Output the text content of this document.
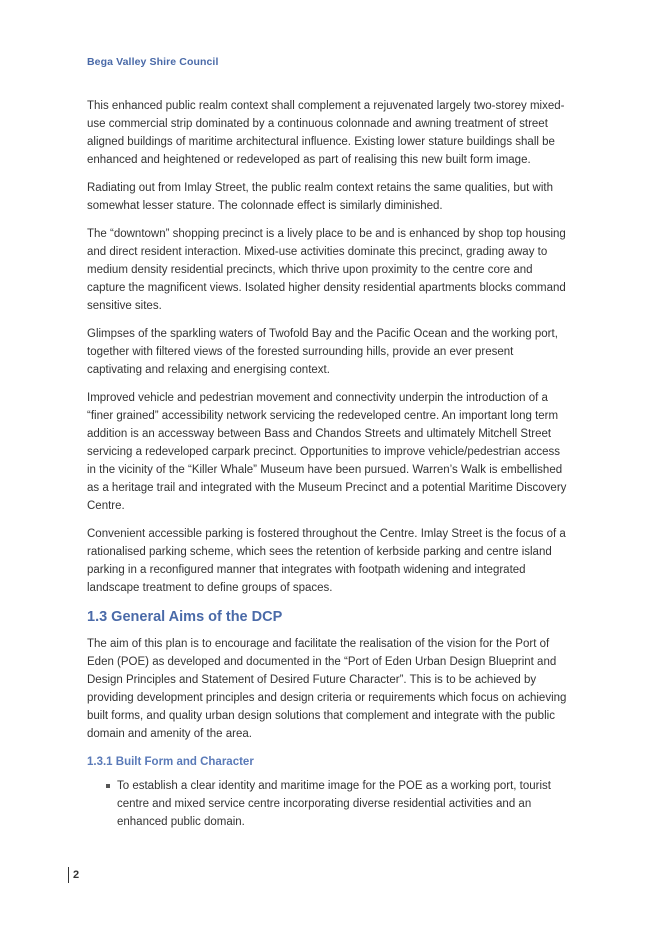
Bega Valley Shire Council

This enhanced public realm context shall complement a rejuvenated largely two-storey mixed-use commercial strip dominated by a continuous colonnade and awning treatment of street aligned buildings of maritime architectural influence. Existing lower stature buildings shall be enhanced and heightened or redeveloped as part of realising this new built form image.

Radiating out from Imlay Street, the public realm context retains the same qualities, but with somewhat lesser stature. The colonnade effect is similarly diminished.

The “downtown” shopping precinct is a lively place to be and is enhanced by shop top housing and direct resident interaction. Mixed-use activities dominate this precinct, grading away to medium density residential precincts, which thrive upon proximity to the centre core and capture the magnificent views. Isolated higher density residential apartments blocks command sensitive sites.

Glimpses of the sparkling waters of Twofold Bay and the Pacific Ocean and the working port, together with filtered views of the forested surrounding hills, provide an ever present captivating and relaxing and energising context.

Improved vehicle and pedestrian movement and connectivity underpin the introduction of a “finer grained” accessibility network servicing the redeveloped centre. An important long term addition is an accessway between Bass and Chandos Streets and ultimately Mitchell Street servicing a redeveloped carpark precinct. Opportunities to improve vehicle/pedestrian access in the vicinity of the “Killer Whale” Museum have been pursued. Warren’s Walk is embellished as a heritage trail and integrated with the Museum Precinct and a potential Maritime Discovery Centre.

Convenient accessible parking is fostered throughout the Centre. Imlay Street is the focus of a rationalised parking scheme, which sees the retention of kerbside parking and centre island parking in a reconfigured manner that integrates with footpath widening and integrated landscape treatment to define groups of spaces.

1.3 General Aims of the DCP

The aim of this plan is to encourage and facilitate the realisation of the vision for the Port of Eden (POE) as developed and documented in the “Port of Eden Urban Design Blueprint and Design Principles and Statement of Desired Future Character”. This is to be achieved by providing development principles and design criteria or requirements which focus on achieving built forms, and quality urban design solutions that complement and integrate with the public domain and amenity of the area.

1.3.1 Built Form and Character
To establish a clear identity and maritime image for the POE as a working port, tourist centre and mixed service centre incorporating diverse residential activities and an enhanced public domain.
2
